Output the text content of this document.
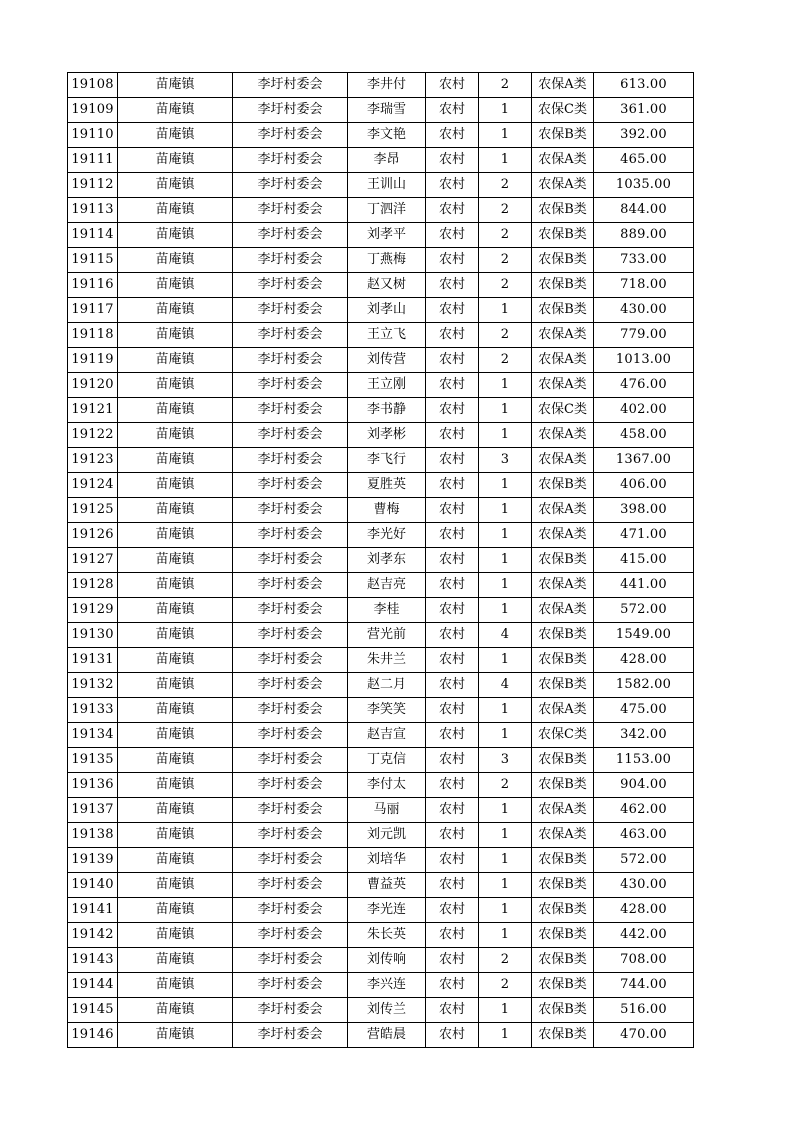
19108	苗庵镇	李圩村委会	李井付	农村	2	农保A类	613.00
19109	苗庵镇	李圩村委会	李瑞雪	农村	1	农保C类	361.00
19110	苗庵镇	李圩村委会	李文艳	农村	1	农保B类	392.00
19111	苗庵镇	李圩村委会	李昂	农村	1	农保A类	465.00
19112	苗庵镇	李圩村委会	王训山	农村	2	农保A类	1035.00
19113	苗庵镇	李圩村委会	丁泗洋	农村	2	农保B类	844.00
19114	苗庵镇	李圩村委会	刘孝平	农村	2	农保B类	889.00
19115	苗庵镇	李圩村委会	丁燕梅	农村	2	农保B类	733.00
19116	苗庵镇	李圩村委会	赵又树	农村	2	农保B类	718.00
19117	苗庵镇	李圩村委会	刘孝山	农村	1	农保B类	430.00
19118	苗庵镇	李圩村委会	王立飞	农村	2	农保A类	779.00
19119	苗庵镇	李圩村委会	刘传营	农村	2	农保A类	1013.00
19120	苗庵镇	李圩村委会	王立刚	农村	1	农保A类	476.00
19121	苗庵镇	李圩村委会	李书静	农村	1	农保C类	402.00
19122	苗庵镇	李圩村委会	刘孝彬	农村	1	农保A类	458.00
19123	苗庵镇	李圩村委会	李飞行	农村	3	农保A类	1367.00
19124	苗庵镇	李圩村委会	夏胜英	农村	1	农保B类	406.00
19125	苗庵镇	李圩村委会	曹梅	农村	1	农保A类	398.00
19126	苗庵镇	李圩村委会	李光好	农村	1	农保A类	471.00
19127	苗庵镇	李圩村委会	刘孝东	农村	1	农保B类	415.00
19128	苗庵镇	李圩村委会	赵吉亮	农村	1	农保A类	441.00
19129	苗庵镇	李圩村委会	李桂	农村	1	农保A类	572.00
19130	苗庵镇	李圩村委会	营光前	农村	4	农保B类	1549.00
19131	苗庵镇	李圩村委会	朱井兰	农村	1	农保B类	428.00
19132	苗庵镇	李圩村委会	赵二月	农村	4	农保B类	1582.00
19133	苗庵镇	李圩村委会	李笑笑	农村	1	农保A类	475.00
19134	苗庵镇	李圩村委会	赵吉宣	农村	1	农保C类	342.00
19135	苗庵镇	李圩村委会	丁克信	农村	3	农保B类	1153.00
19136	苗庵镇	李圩村委会	李付太	农村	2	农保B类	904.00
19137	苗庵镇	李圩村委会	马丽	农村	1	农保A类	462.00
19138	苗庵镇	李圩村委会	刘元凯	农村	1	农保A类	463.00
19139	苗庵镇	李圩村委会	刘培华	农村	1	农保B类	572.00
19140	苗庵镇	李圩村委会	曹益英	农村	1	农保B类	430.00
19141	苗庵镇	李圩村委会	李光连	农村	1	农保B类	428.00
19142	苗庵镇	李圩村委会	朱长英	农村	1	农保B类	442.00
19143	苗庵镇	李圩村委会	刘传响	农村	2	农保B类	708.00
19144	苗庵镇	李圩村委会	李兴连	农村	2	农保B类	744.00
19145	苗庵镇	李圩村委会	刘传兰	农村	1	农保B类	516.00
19146	苗庵镇	李圩村委会	营皓晨	农村	1	农保B类	470.00
